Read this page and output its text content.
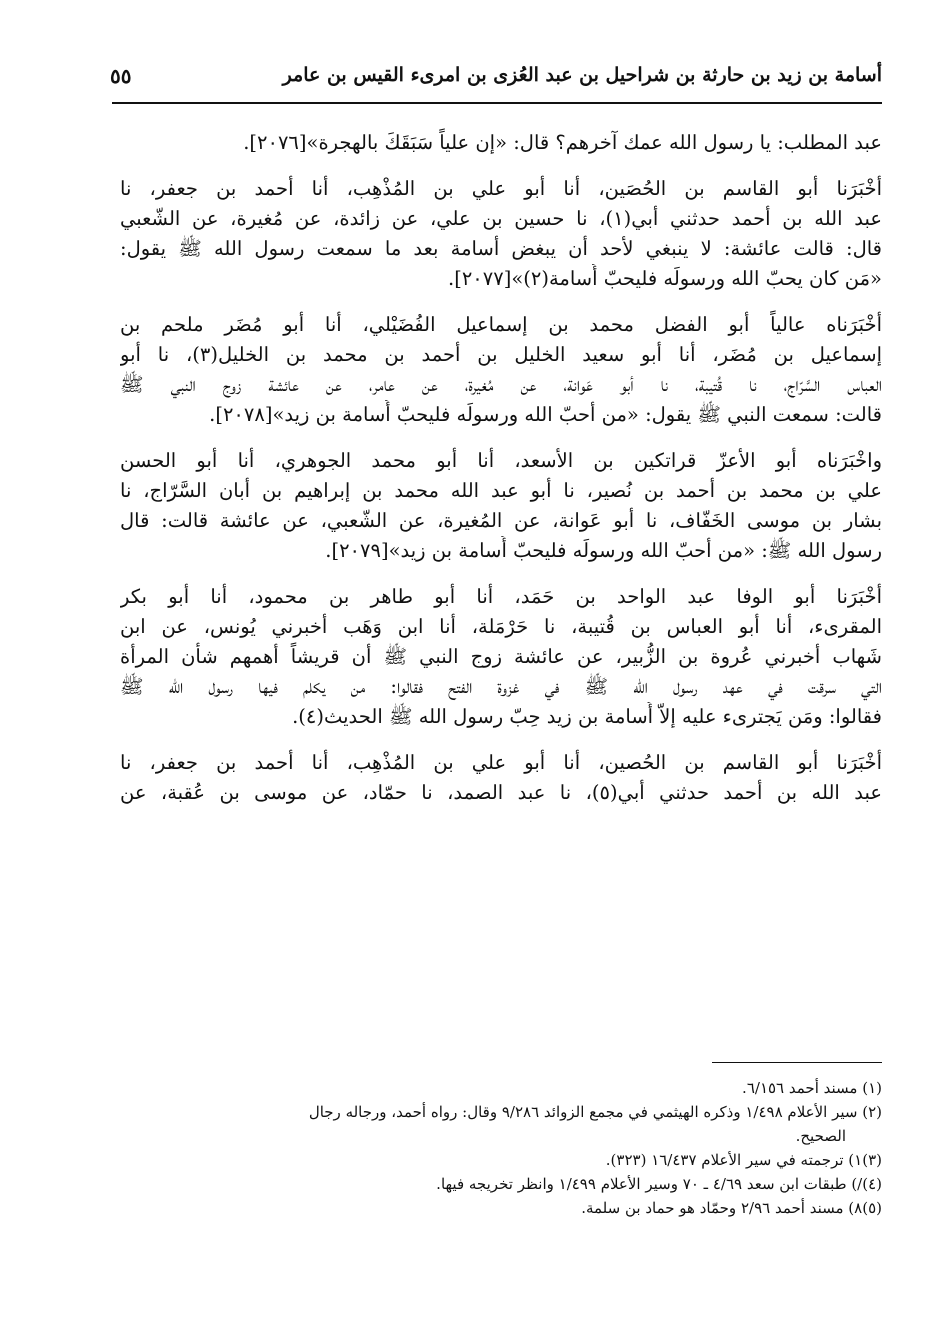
أسامة بن زيد بن حارثة بن شراحيل بن عبد العُزى بن امرىء القيس بن عامر
٥٥
عبد المطلب: يا رسول الله عمك آخرهم؟ قال: «إن علياً سَبَقَكَ بالهجرة»[٢٠٧٦].
أخْبَرَنا أبو القاسم بن الحُصَين، أنا أبو علي بن المُذْهِب، أنا أحمد بن جعفر، نا
عبد الله بن أحمد حدثني أبي(١)، نا حسين بن علي، عن زائدة، عن مُغيرة، عن الشّعبي
قال: قالت عائشة: لا ينبغي لأحد أن يبغض أسامة بعد ما سمعت رسول الله ﷺ يقول:
«مَن كان يحبّ الله ورسولَه فليحبّ أُسامة(٢)»[٢٠٧٧].
أخْبَرَناه عالياً أبو الفضل محمد بن إسماعيل الفُضَيْلي، أنا أبو مُضَر ملحم بن
إسماعيل بن مُضَر، أنا أبو سعيد الخليل بن أحمد بن محمد بن الخليل(٣)، نا أبو
العباس السَّرّاج، نا قُتيبة، نا أبو عَوانة، عن مُغيرة، عن عامر، عن عائشة زوج النبي ﷺ
قالت: سمعت النبي ﷺ يقول: «من أحبّ الله ورسولَه فليحبّ أُسامة بن زيد»[٢٠٧٨].
واخْبَرَناه أبو الأعزّ قراتكين بن الأسعد، أنا أبو محمد الجوهري، أنا أبو الحسن
علي بن محمد بن أحمد بن نُصير، نا أبو عبد الله محمد بن إبراهيم بن أبان السَّرّاج، نا
بشار بن موسى الخَفّاف، نا أبو عَوانة، عن المُغيرة، عن الشّعبي، عن عائشة قالت: قال
رسول الله ﷺ: «من أحبّ الله ورسولَه فليحبّ أُسامة بن زيد»[٢٠٧٩].
أخْبَرَنا أبو الوفا عبد الواحد بن حَمَد، أنا أبو طاهر بن محمود، أنا أبو بكر
المقرىء، أنا أبو العباس بن قُتيبة، نا حَرْمَلة، أنا ابن وَهَب أخبرني يُونس، عن ابن
شَهاب أخبرني عُروة بن الزُّبير، عن عائشة زوج النبي ﷺ أن قريشاً أهمهم شأن المرأة
التي سرقت في عهد رسول الله ﷺ في غزوة الفتح فقالوا: من يكلم فيها رسول الله ﷺ
فقالوا: ومَن يَجترىء عليه إلاّ أُسامة بن زيد حِبّ رسول الله ﷺ الحديث(٤).
أخْبَرَنا أبو القاسم بن الحُصين، أنا أبو علي بن المُذْهِب، أنا أحمد بن جعفر، نا
عبد الله بن أحمد حدثني أبي(٥)، نا عبد الصمد، نا حمّاد، عن موسى بن عُقبة، عن
(١) مسند أحمد ٦/١٥٦.
(٢) سير الأعلام ١/٤٩٨ وذكره الهيثمي في مجمع الزوائد ٩/٢٨٦ وقال: رواه أحمد، ورجاله رجال
الصحيح.
(٣)١) ترجمته في سير الأعلام ١٦/٤٣٧ (٣٢٣).
(٤)/) طبقات ابن سعد ٤/٦٩ ـ ٧٠ وسير الأعلام ١/٤٩٩ وانظر تخريجه فيها.
(٥)٨) مسند أحمد ٢/٩٦ وحمّاد هو حماد بن سلمة.
